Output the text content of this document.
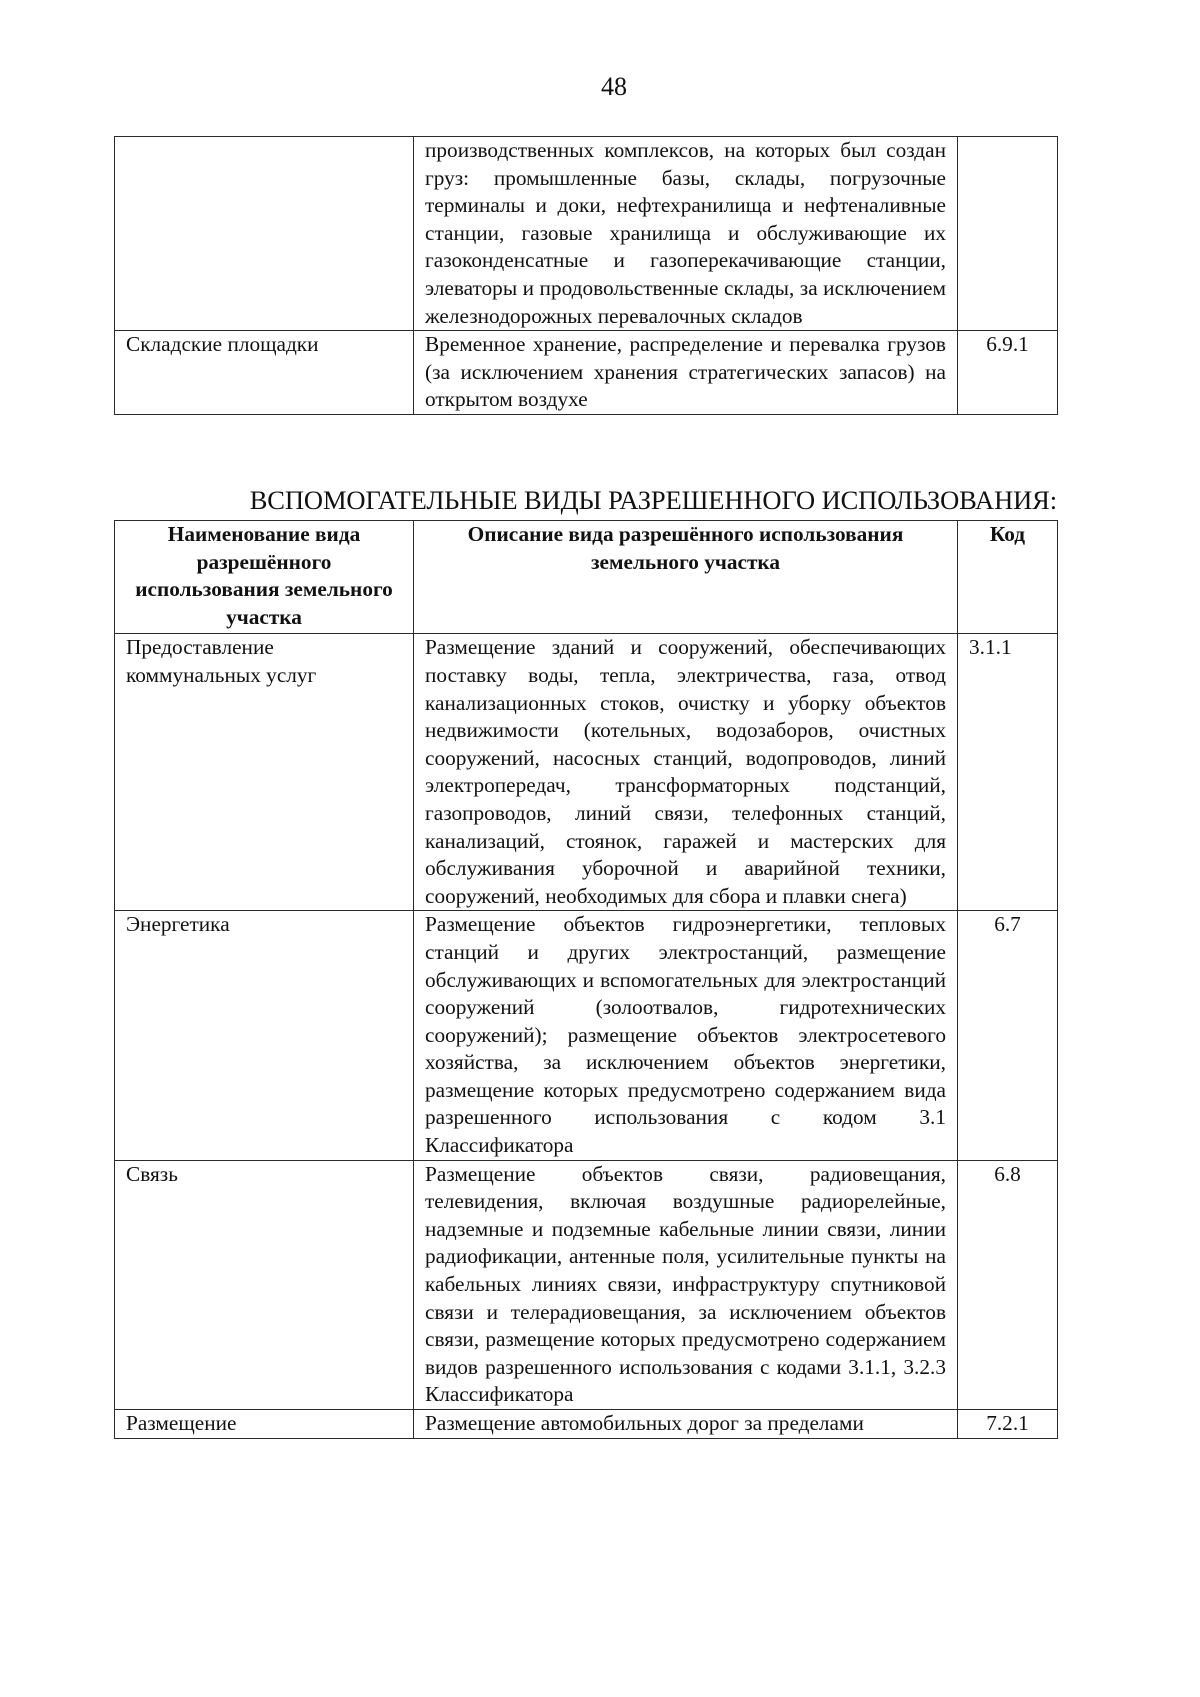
48
	производственных комплексов, на которых был создан груз: промышленные базы, склады, погрузочные терминалы и доки, нефтехранилища и нефтеналивные станции, газовые хранилища и обслуживающие их газоконденсатные и газоперекачивающие станции, элеваторы и продовольственные склады, за исключением железнодорожных перевалочных складов	
Складские площадки	Временное хранение, распределение и перевалка грузов (за исключением хранения стратегических запасов) на открытом воздухе	6.9.1
ВСПОМОГАТЕЛЬНЫЕ ВИДЫ РАЗРЕШЕННОГО ИСПОЛЬЗОВАНИЯ:
Наименование вида разрешённого использования земельного участка	Описание вида разрешённого использования земельного участка	Код
Предоставление коммунальных услуг	Размещение зданий и сооружений, обеспечивающих поставку воды, тепла, электричества, газа, отвод канализационных стоков, очистку и уборку объектов недвижимости (котельных, водозаборов, очистных сооружений, насосных станций, водопроводов, линий электропередач, трансформаторных подстанций, газопроводов, линий связи, телефонных станций, канализаций, стоянок, гаражей и мастерских для обслуживания уборочной и аварийной техники, сооружений, необходимых для сбора и плавки снега)	3.1.1
Энергетика	Размещение объектов гидроэнергетики, тепловых станций и других электростанций, размещение обслуживающих и вспомогательных для электростанций сооружений (золоотвалов, гидротехнических сооружений); размещение объектов электросетевого хозяйства, за исключением объектов энергетики, размещение которых предусмотрено содержанием вида разрешенного использования с кодом 3.1 Классификатора	6.7
Связь	Размещение объектов связи, радиовещания, телевидения, включая воздушные радиорелейные, надземные и подземные кабельные линии связи, линии радиофикации, антенные поля, усилительные пункты на кабельных линиях связи, инфраструктуру спутниковой связи и телерадиовещания, за исключением объектов связи, размещение которых предусмотрено содержанием видов разрешенного использования с кодами 3.1.1, 3.2.3 Классификатора	6.8
Размещение	Размещение автомобильных дорог за пределами	7.2.1
